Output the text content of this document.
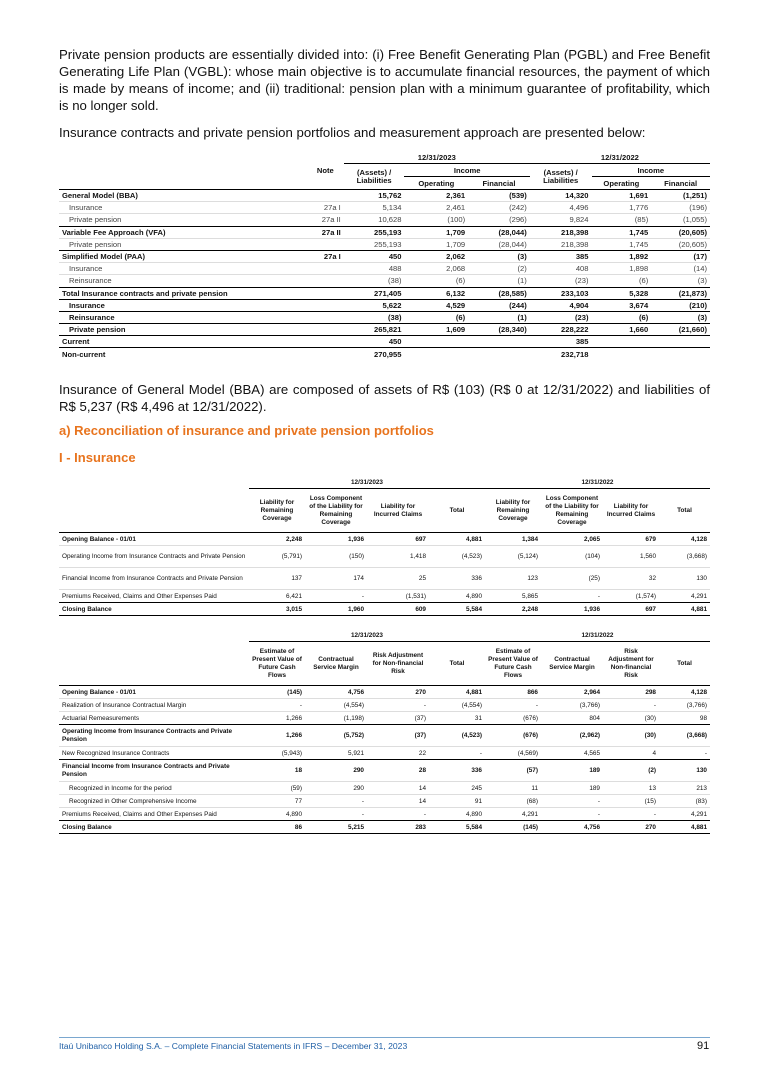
Private pension products are essentially divided into: (i) Free Benefit Generating Plan (PGBL) and Free Benefit Generating Life Plan (VGBL): whose main objective is to accumulate financial resources, the payment of which is made by means of income; and (ii) traditional: pension plan with a minimum guarantee of profitability, which is no longer sold.

Insurance contracts and private pension portfolios and measurement approach are presented below:

		12/31/2023			12/31/2022		
	Note	(Assets) / Liabilities	Income		(Assets) / Liabilities	Income	
			Operating	Financial		Operating	Financial
General Model (BBA)		15,762	2,361	(539)	14,320	1,691	(1,251)
Insurance	27a I	5,134	2,461	(242)	4,496	1,776	(196)
Private pension	27a II	10,628	(100)	(296)	9,824	(85)	(1,055)
Variable Fee Approach (VFA)	27a II	255,193	1,709	(28,044)	218,398	1,745	(20,605)
Private pension		255,193	1,709	(28,044)	218,398	1,745	(20,605)
Simplified Model (PAA)	27a I	450	2,062	(3)	385	1,892	(17)
Insurance		488	2,068	(2)	408	1,898	(14)
Reinsurance		(38)	(6)	(1)	(23)	(6)	(3)
Total Insurance contracts and private pension		271,405	6,132	(28,585)	233,103	5,328	(21,873)
Insurance		5,622	4,529	(244)	4,904	3,674	(210)
Reinsurance		(38)	(6)	(1)	(23)	(6)	(3)
Private pension		265,821	1,609	(28,340)	228,222	1,660	(21,660)
Current		450			385		
Non-current		270,955			232,718		

Insurance of General Model (BBA) are composed of assets of R$ (103) (R$ 0 at 12/31/2022) and liabilities of R$ 5,237 (R$ 4,496 at 12/31/2022).

a) Reconciliation of insurance and private pension portfolios

I - Insurance

	12/31/2023				12/31/2022			
	Liability for Remaining Coverage	Loss Component of the Liability for Remaining Coverage	Liability for Incurred Claims	Total	Liability for Remaining Coverage	Loss Component of the Liability for Remaining Coverage	Liability for Incurred Claims	Total
Opening Balance - 01/01	2,248	1,936	697	4,881	1,384	2,065	679	4,128
Operating Income from Insurance Contracts and Private Pension	(5,791)	(150)	1,418	(4,523)	(5,124)	(104)	1,560	(3,668)
Financial Income from Insurance Contracts and Private Pension	137	174	25	336	123	(25)	32	130
Premiums Received, Claims and Other Expenses Paid	6,421	-	(1,531)	4,890	5,865	-	(1,574)	4,291
Closing Balance	3,015	1,960	609	5,584	2,248	1,936	697	4,881
	12/31/2023				12/31/2022			
	Estimate of Present Value of Future Cash Flows	Contractual Service Margin	Risk Adjustment for Non-financial Risk	Total	Estimate of Present Value of Future Cash Flows	Contractual Service Margin	Risk Adjustment for Non-financial Risk	Total
Opening Balance - 01/01	(145)	4,756	270	4,881	866	2,964	298	4,128
Realization of Insurance Contractual Margin	-	(4,554)	-	(4,554)	-	(3,766)	-	(3,766)
Actuarial Remeasurements	1,266	(1,198)	(37)	31	(676)	804	(30)	98
Operating Income from Insurance Contracts and Private Pension	1,266	(5,752)	(37)	(4,523)	(676)	(2,962)	(30)	(3,668)
New Recognized Insurance Contracts	(5,943)	5,921	22	-	(4,569)	4,565	4	-
Financial Income from Insurance Contracts and Private Pension	18	290	28	336	(57)	189	(2)	130
Recognized in Income for the period	(59)	290	14	245	11	189	13	213
Recognized in Other Comprehensive Income	77	-	14	91	(68)	-	(15)	(83)
Premiums Received, Claims and Other Expenses Paid	4,890	-	-	4,890	4,291	-	-	4,291
Closing Balance	86	5,215	283	5,584	(145)	4,756	270	4,881
Itaú Unibanco Holding S.A. – Complete Financial Statements in IFRS – December 31, 2023	91
